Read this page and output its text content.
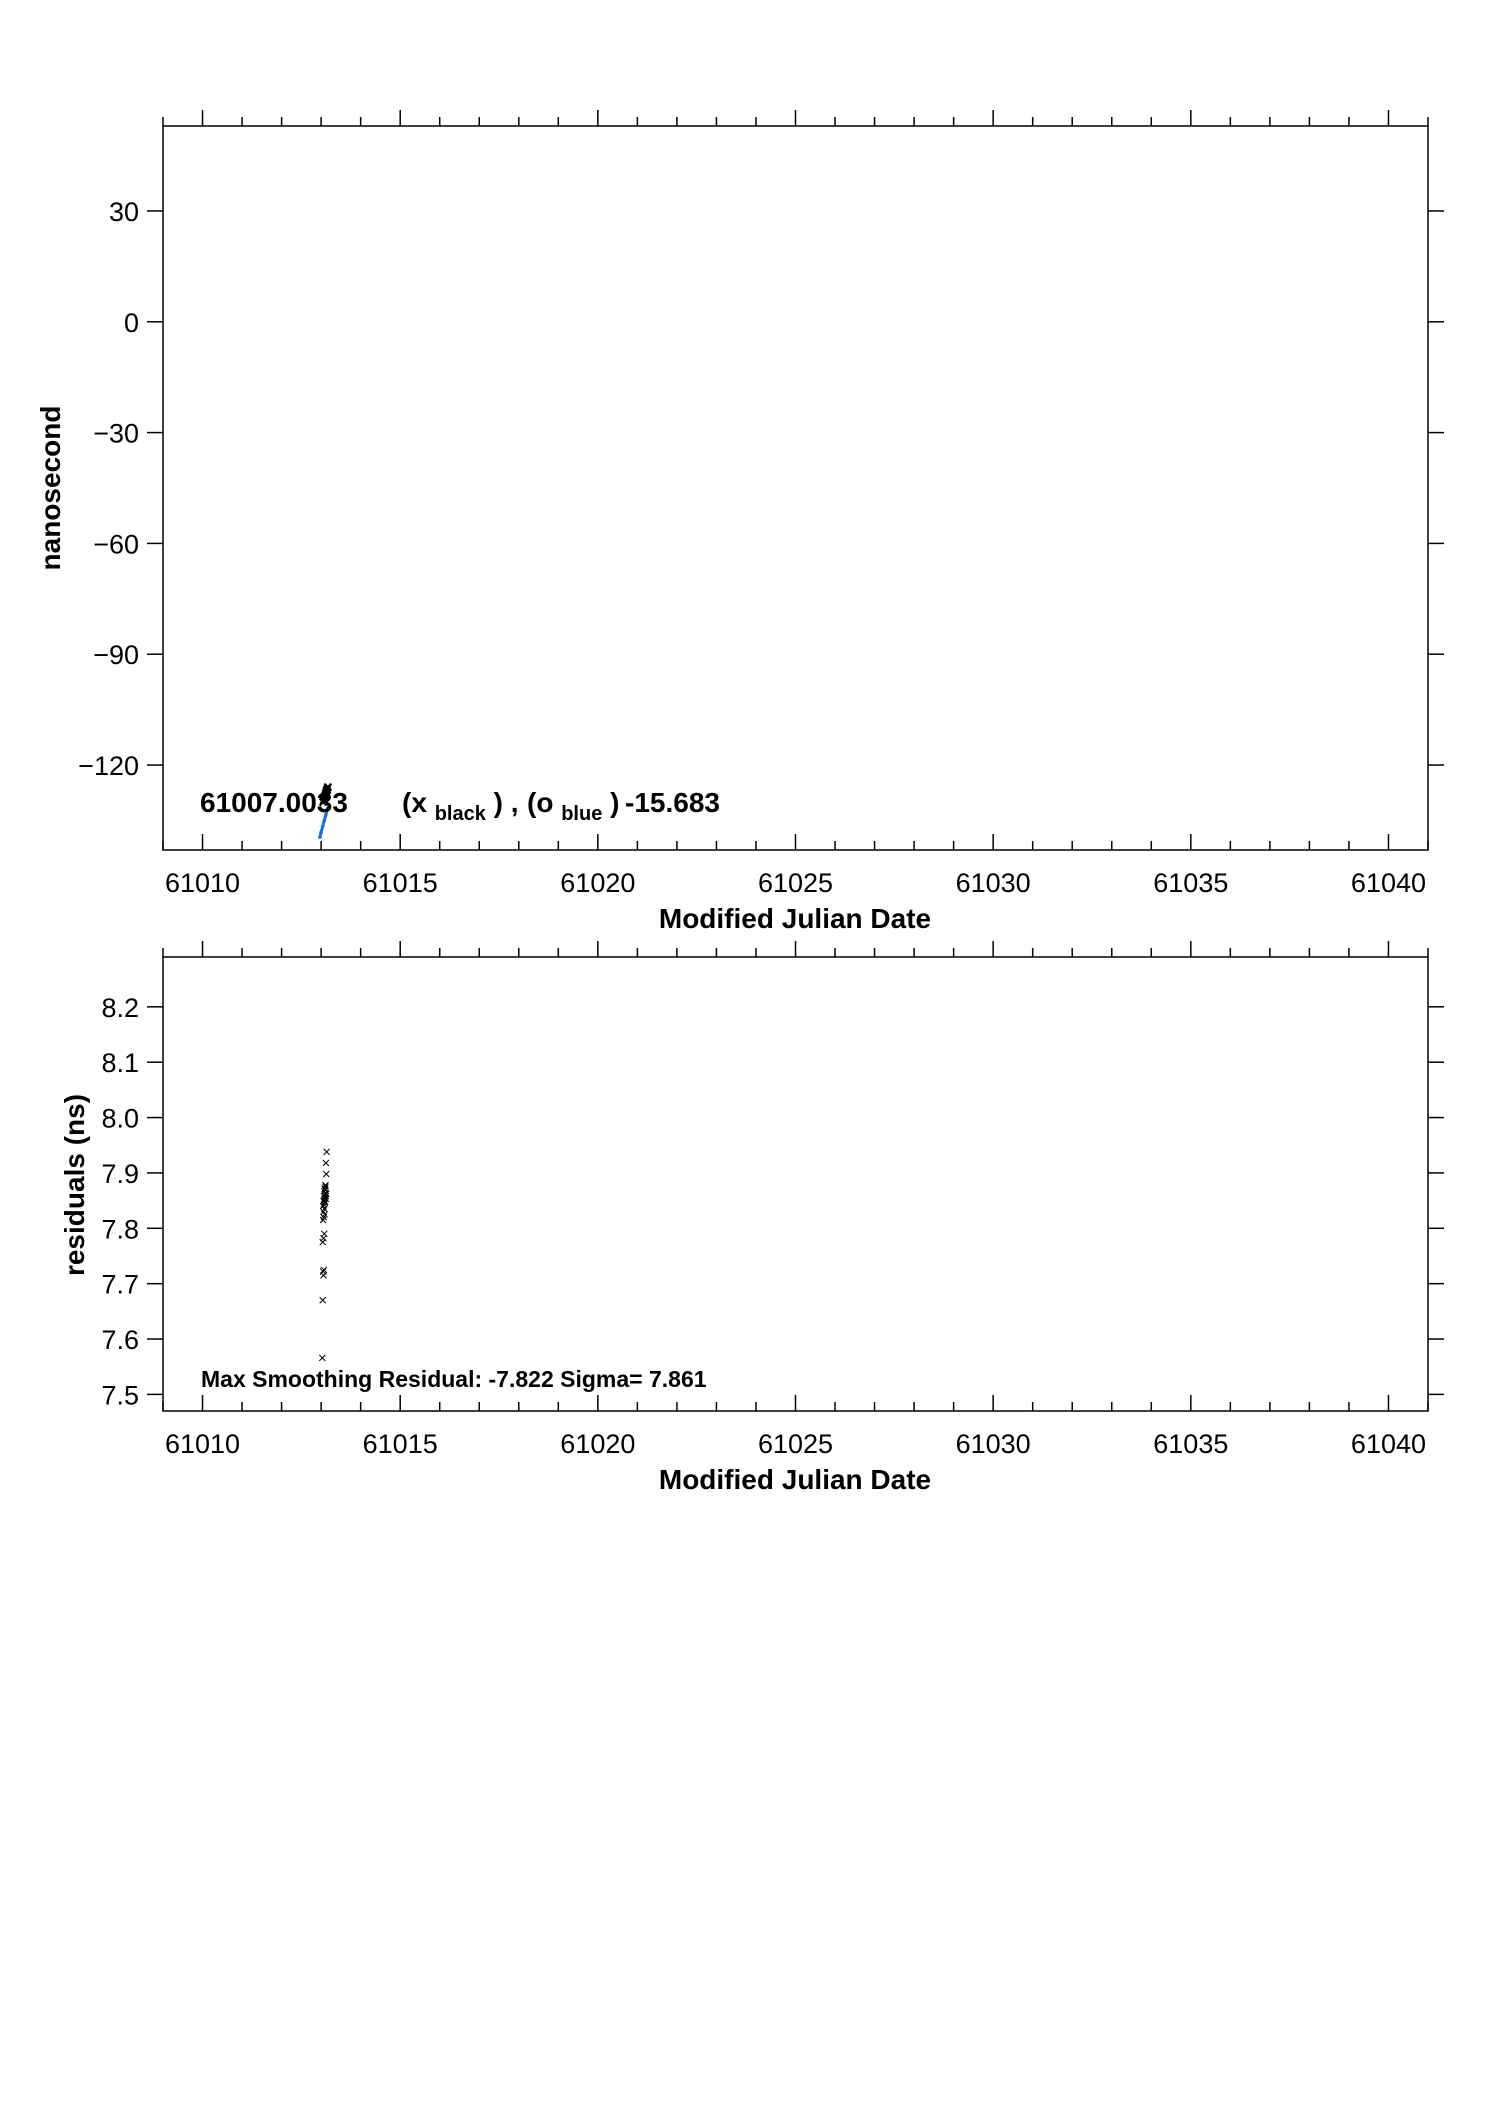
61010	61015	61020	61025	61030	61035	61040
30
0
−30
−60
−90
−120
Modified Julian Date
nanosecond
61007.0033 (x $_{black}$ ) , (o $_{blue}$ ) -15.683
61010	61015	61020	61025	61030	61035	61040
7.5
7.6
7.7
7.8
7.9
8.0
8.1
8.2
Modified Julian Date
residuals (ns)
Max Smoothing Residual: -7.822 Sigma= 7.861
